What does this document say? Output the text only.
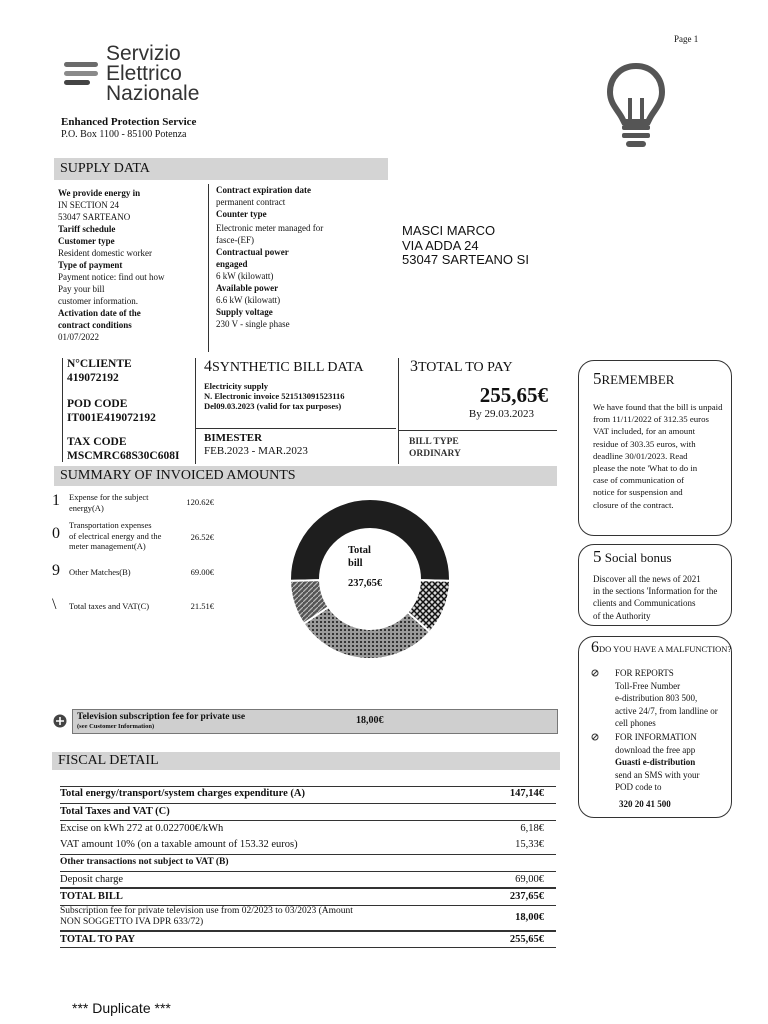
Page 1
Servizio
Elettrico
Nazionale
Enhanced Protection Service
P.O. Box 1100 - 85100 Potenza
SUPPLY DATA
We provide energy in
IN SECTION 24
53047 SARTEANO
Tariff schedule
Customer type
Resident domestic worker
Type of payment
Payment notice: find out how
Pay your bill
customer information.
Activation date of the
contract conditions
01/07/2022
Contract expiration date
permanent contract
Counter type
Electronic meter managed for
fasce-(EF)
Contractual power
engaged
6 kW (kilowatt)
Available power
6.6 kW (kilowatt)
Supply voltage
230 V - single phase
MASCI MARCO
VIA ADDA 24
53047 SARTEANO SI
N°CLIENTE
419072192
POD CODE
IT001E419072192
TAX CODE
MSCMRC68S30C608I
4SYNTHETIC BILL DATA
Electricity supply
N. Electronic invoice 521513091523116
Del09.03.2023 (valid for tax purposes)
BIMESTER
FEB.2023 - MAR.2023
3TOTAL TO PAY
255,65€
By 29.03.2023
BILL TYPE
ORDINARY
SUMMARY OF INVOICED AMOUNTS
1 Expense for the subject
energy(A)
120.62€
0 Transportation expenses
of electrical energy and the
meter management(A)
26.52€
9 Other Matches(B)	69.00€
\ Total taxes and VAT(C)	21.51€
Total
bill
237,65€
Television subscription fee for private use
(see Customer Information)
18,00€
FISCAL DETAIL
Total energy/transport/system charges expenditure (A)	147,14€
Total Taxes and VAT (C)
Excise on kWh 272 at 0.022700€/kWh	6,18€
VAT amount 10% (on a taxable amount of 153.32 euros)	15,33€
Other transactions not subject to VAT (B)
Deposit charge	69,00€
TOTAL BILL	237,65€
Subscription fee for private television use from 02/2023 to 03/2023 (Amount
NON SOGGETTO IVA DPR 633/72)	18,00€
TOTAL TO PAY	255,65€
5REMEMBER
We have found that the bill is unpaid
from 11/11/2022 of 312.35 euros
VAT included, for an amount
residue of 303.35 euros, with
deadline 30/01/2023. Read
please the note 'What to do in
case of communication of
notice for suspension and
closure of the contract.
5 Social bonus
Discover all the news of 2021
in the sections 'Information for the
clients and Communications
of the Authority
6DO YOU HAVE A MALFUNCTION?
FOR REPORTS
Toll-Free Number
e-distribution 803 500,
active 24/7, from landline or
cell phones
FOR INFORMATION
download the free app
Guasti e-distribution
send an SMS with your
POD code to
320 20 41 500
*** Duplicate ***
